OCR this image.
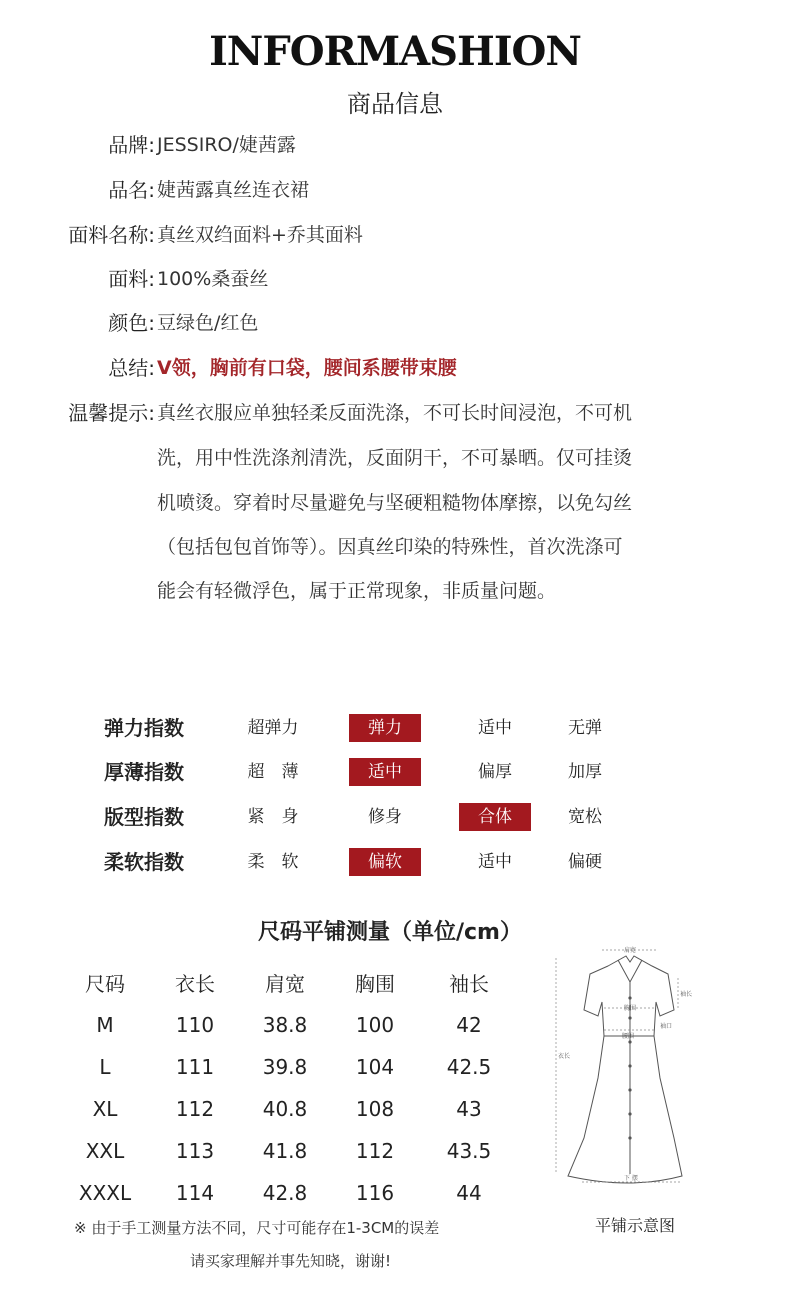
INFORMASHION
商品信息
品牌: JESSIRO/婕茜露
品名: 婕茜露真丝连衣裙
面料名称: 真丝双绉面料+乔其面料
面料: 100%桑蚕丝
颜色: 豆绿色/红色
总结: V领，胸前有口袋，腰间系腰带束腰
温馨提示: 真丝衣服应单独轻柔反面洗涤，不可长时间浸泡，不可机
洗，用中性洗涤剂清洗，反面阴干，不可暴晒。仅可挂烫
机喷烫。穿着时尽量避免与坚硬粗糙物体摩擦，以免勾丝
（包括包包首饰等）。因真丝印染的特殊性，首次洗涤可
能会有轻微浮色，属于正常现象，非质量问题。
弹力指数	超弹力	弹力	适中	无弹
厚薄指数	超　薄	适中	偏厚	加厚
版型指数	紧　身	修身	合体	宽松
柔软指数	柔　软	偏软	适中	偏硬
尺码平铺测量（单位/cm）
尺码	衣长	肩宽	胸围	袖长
M	110	38.8	100	42
L	111	39.8	104	42.5
XL	112	40.8	108	43
XXL	113	41.8	112	43.5
XXXL	114	42.8	116	44
※ 由于手工测量方法不同，尺寸可能存在1-3CM的误差
请买家理解并事先知晓，谢谢!
肩宽
袖长
胸围
袖口
腰围
衣长
下 摆
平铺示意图
